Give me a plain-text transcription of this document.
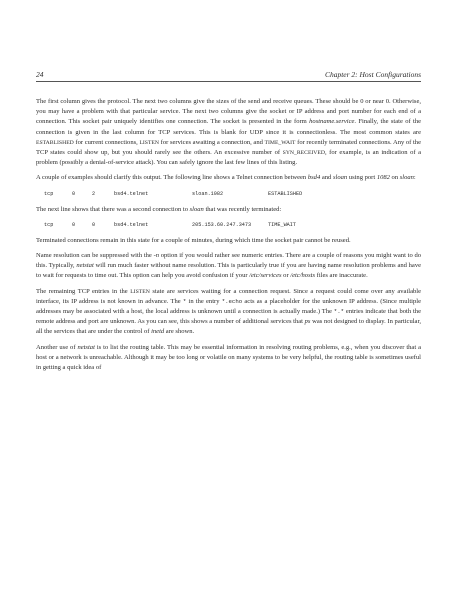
24	Chapter 2: Host Configurations

The first column gives the protocol. The next two columns give the sizes of the send and receive queues. These should be 0 or near 0. Otherwise, you may have a problem with that particular service. The next two columns give the socket or IP address and port number for each end of a connection. This socket pair uniquely identifies one connection. The socket is presented in the form hostname.service. Finally, the state of the connection is given in the last column for TCP services. This is blank for UDP since it is connectionless. The most common states are ESTABLISHED for current connections, LISTEN for services awaiting a connection, and TIME_WAIT for recently terminated connections. Any of the TCP states could show up, but you should rarely see the others. An excessive number of SYN_RECEIVED, for example, is an indication of a problem (possibly a denial-of-service attack). You can safely ignore the last few lines of this listing.

A couple of examples should clarify this output. The following line shows a Telnet connection between bsd4 and sloan using port 1082 on sloan:

tcp	0	2	bsd4.telnet	sloan.1082	ESTABLISHED

The next line shows that there was a second connection to sloan that was recently terminated:

tcp	0	0	bsd4.telnet	205.153.60.247.3473	TIME_WAIT

Terminated connections remain in this state for a couple of minutes, during which time the socket pair cannot be reused.

Name resolution can be suppressed with the -n option if you would rather see numeric entries. There are a couple of reasons you might want to do this. Typically, netstat will run much faster without name resolution. This is particularly true if you are having name resolution problems and have to wait for requests to time out. This option can help you avoid confusion if your /etc/services or /etc/hosts files are inaccurate.

The remaining TCP entries in the LISTEN state are services waiting for a connection request. Since a request could come over any available interface, its IP address is not known in advance. The * in the entry *.echo acts as a placeholder for the unknown IP address. (Since multiple addresses may be associated with a host, the local address is unknown until a connection is actually made.) The *.* entries indicate that both the remote address and port are unknown. As you can see, this shows a number of additional services that ps was not designed to display. In particular, all the services that are under the control of inetd are shown.

Another use of netstat is to list the routing table. This may be essential information in resolving routing problems, e.g., when you discover that a host or a network is unreachable. Although it may be too long or volatile on many systems to be very helpful, the routing table is sometimes useful in getting a quick idea of
